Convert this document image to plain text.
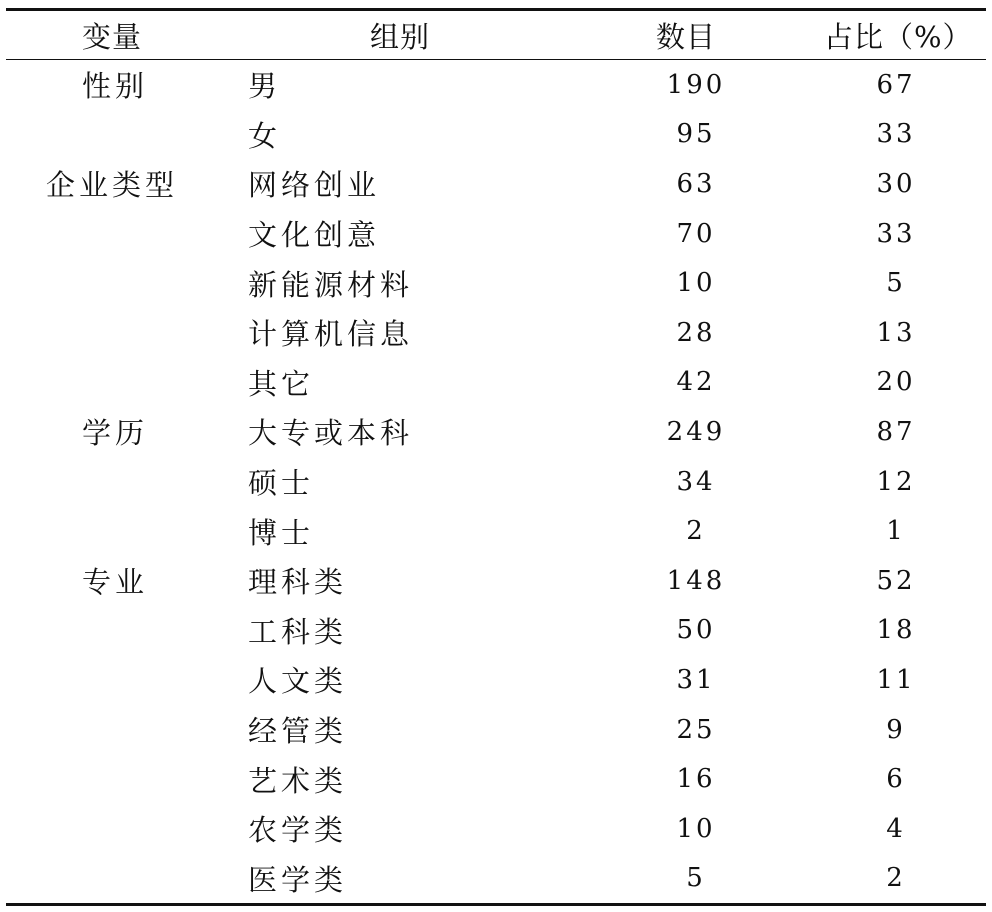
变量	组别	数目	占比（%）
性别	男	190	67
	女	95	33
企业类型	网络创业	63	30
	文化创意	70	33
	新能源材料	10	5
	计算机信息	28	13
	其它	42	20
学历	大专或本科	249	87
	硕士	34	12
	博士	2	1
专业	理科类	148	52
	工科类	50	18
	人文类	31	11
	经管类	25	9
	艺术类	16	6
	农学类	10	4
	医学类	5	2
